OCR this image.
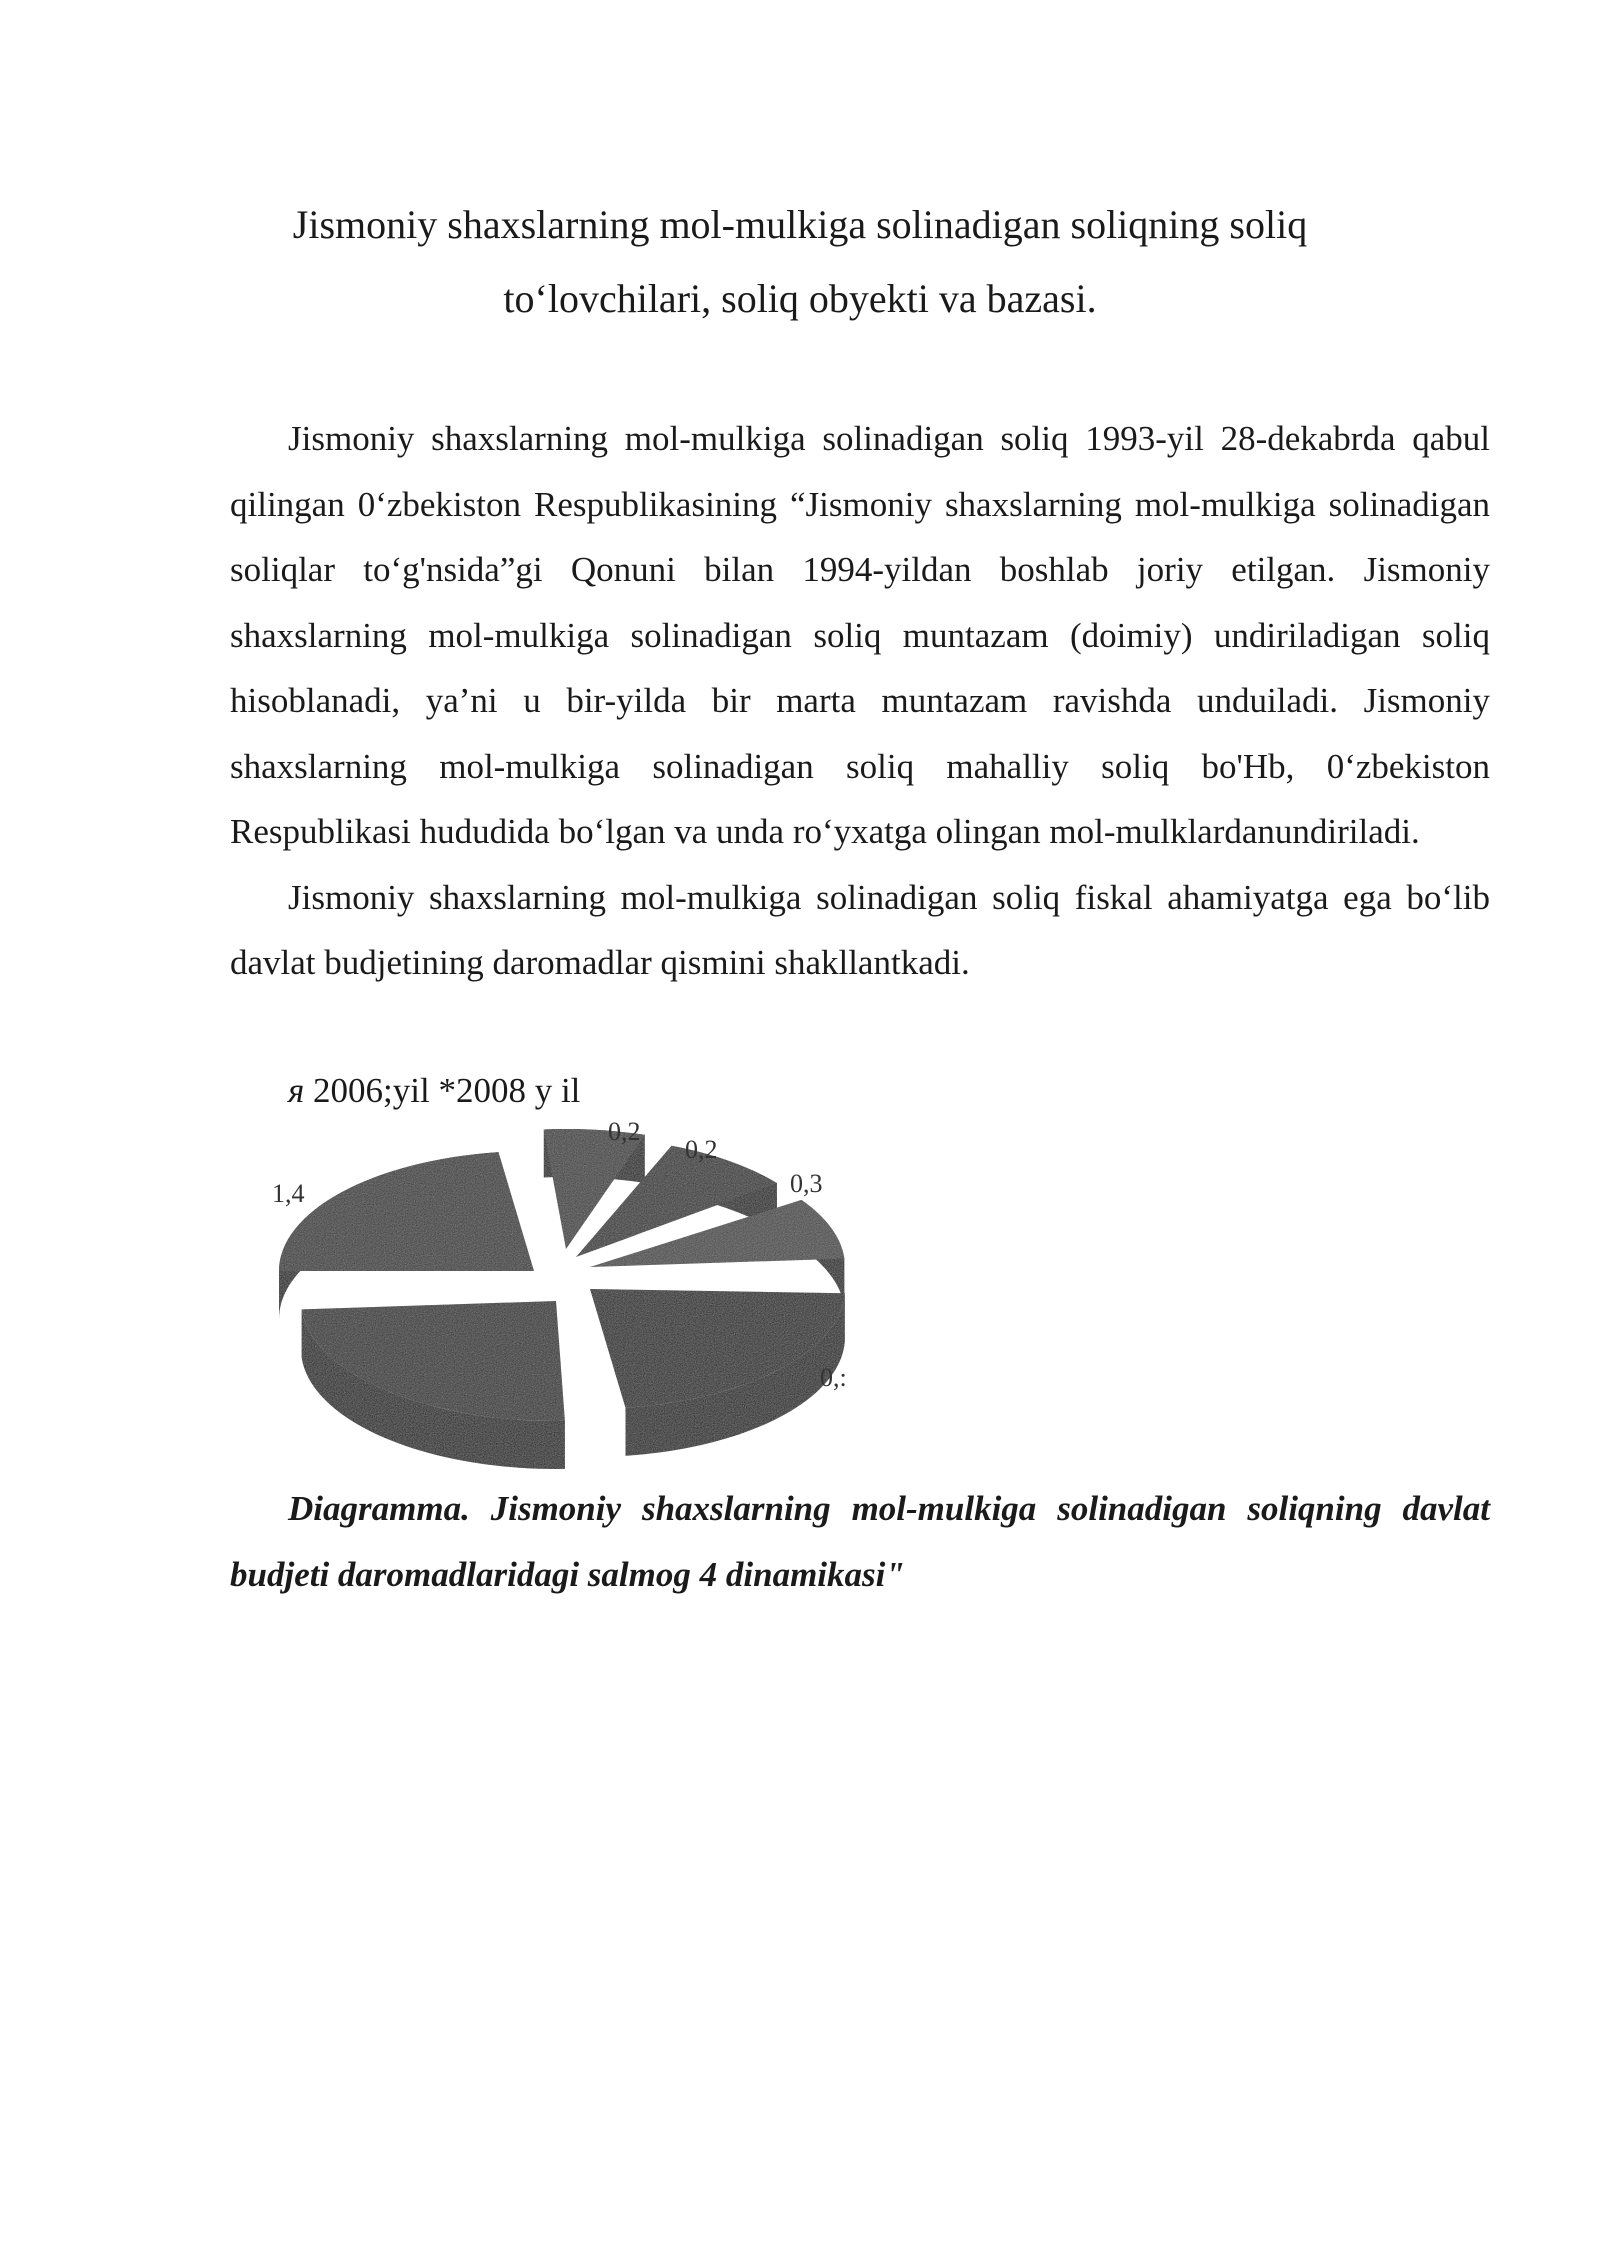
Jismoniy shaxslarning mol-mulkiga solinadigan soliqning soliq
to‘lovchilari, soliq obyekti va bazasi.

Jismoniy shaxslarning mol-mulkiga solinadigan soliq 1993-yil 28-dekabrda qabul qilingan 0‘zbekiston Respublikasining “Jismoniy shaxslarning mol-mulkiga solinadigan soliqlar to‘g'nsida”gi Qonuni bilan 1994-yildan boshlab joriy etilgan. Jismoniy shaxslarning mol-mulkiga solinadigan soliq muntazam (doimiy) undiriladigan soliq hisoblanadi, ya’ni u bir-yilda bir marta muntazam ravishda unduiladi. Jismoniy shaxslarning mol-mulkiga solinadigan soliq mahalliy soliq bo'Hb, 0‘zbekiston Respublikasi hududida bo‘lgan va unda ro‘yxatga olingan mol-mulklardanundiriladi.

Jismoniy shaxslarning mol-mulkiga solinadigan soliq fiskal ahamiyatga ega bo‘lib davlat budjetining daromadlar qismini shakllantkadi.

я 2006;yil *2008 y il
0,2
0,2
0,3
0,:
1,4

Diagramma. Jismoniy shaxslarning mol-mulkiga solinadigan soliqning davlat budjeti daromadlaridagi salmog 4 dinamikasi"
